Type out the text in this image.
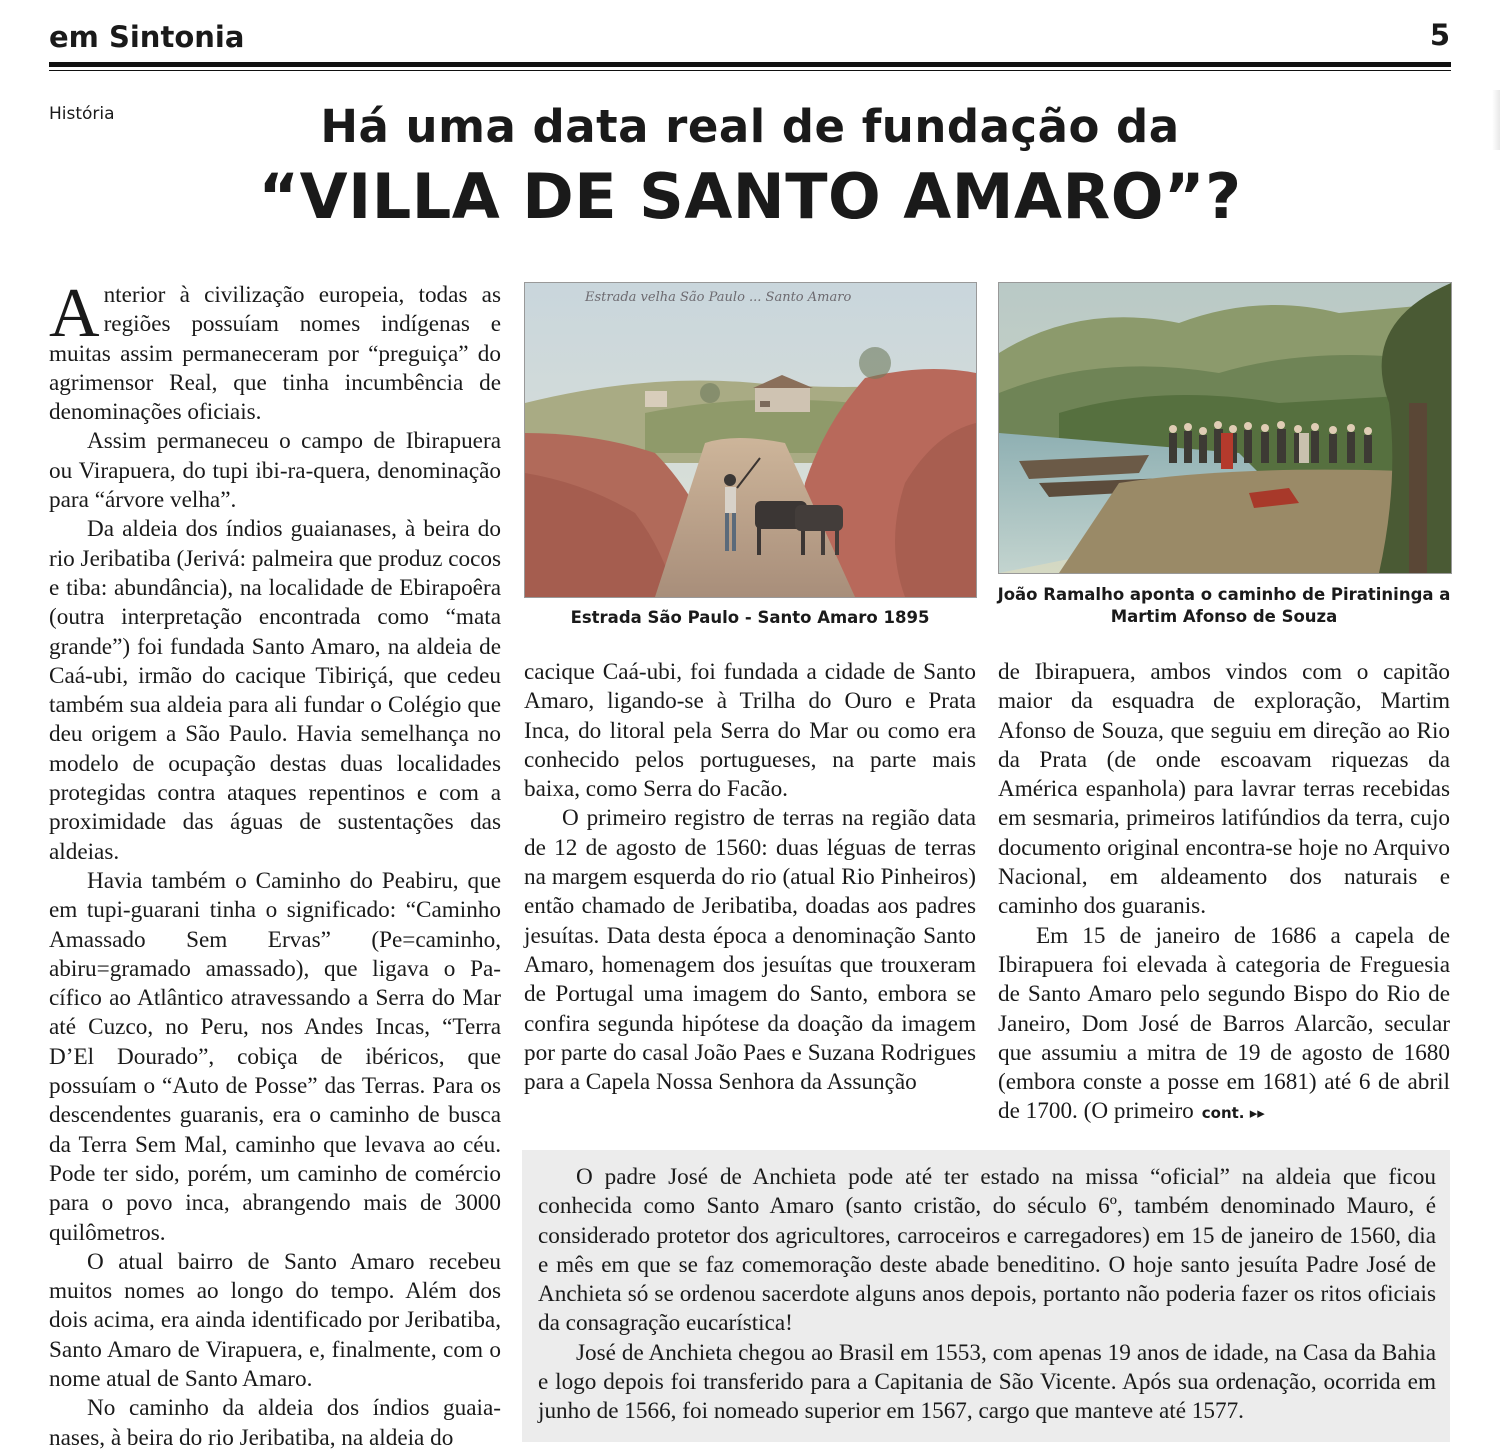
em Sintonia	5
História	Há uma data real de fundação da
“VILLA DE SANTO AMARO”?

Anterior à civilização europeia, todas as regiões possuíam nomes indígenas e muitas assim permaneceram por “preguiça” do agrimensor Real, que tinha incumbência de denominações oficiais.

Assim permaneceu o campo de Ibirapuera ou Virapuera, do tupi ibi-ra-quera, denominação para “árvore velha”.

Da aldeia dos índios guaianases, à beira do rio Jeribatiba (Jerivá: palmeira que produz cocos e tiba: abundância), na localidade de Ebirapoêra (outra interpretação encontrada como “mata grande”) foi fundada Santo Amaro, na aldeia de Caá-ubi, irmão do cacique Tibiriçá, que cedeu também sua aldeia para ali fundar o Colégio que deu origem a São Paulo. Havia semelhança no modelo de ocupação destas duas localidades protegidas contra ataques repentinos e com a proximidade das águas de sustentações das aldeias.

Havia também o Caminho do Peabiru, que em tupi-guarani tinha o significado: “Caminho Amassado Sem Ervas” (Pe=caminho, abiru=gramado amassado), que ligava o Pacífico ao Atlântico atravessando a Serra do Mar até Cuzco, no Peru, nos Andes Incas, “Terra D’El Dourado”, cobiça de ibéricos, que possuíam o “Auto de Posse” das Terras. Para os descendentes guaranis, era o caminho de busca da Terra Sem Mal, caminho que levava ao céu. Pode ter sido, porém, um caminho de comércio para o povo inca, abrangendo mais de 3000 quilômetros.

O atual bairro de Santo Amaro recebeu muitos nomes ao longo do tempo. Além dos dois acima, era ainda identificado por Jeribatiba, Santo Amaro de Virapuera, e, finalmente, com o nome atual de Santo Amaro.

No caminho da aldeia dos índios guaianases, à beira do rio Jeribatiba, na aldeia do

Estrada velha São Paulo ... Santo Amaro
Estrada São Paulo - Santo Amaro 1895
João Ramalho aponta o caminho de Piratininga a Martim Afonso de Souza

cacique Caá-ubi, foi fundada a cidade de Santo Amaro, ligando-se à Trilha do Ouro e Prata Inca, do litoral pela Serra do Mar ou como era conhecido pelos portugueses, na parte mais baixa, como Serra do Facão.

O primeiro registro de terras na região data de 12 de agosto de 1560: duas léguas de terras na margem esquerda do rio (atual Rio Pinheiros) então chamado de Jeribatiba, doadas aos padres jesuítas. Data desta época a denominação Santo Amaro, homenagem dos jesuítas que trouxeram de Portugal uma imagem do Santo, embora se confira segunda hipótese da doação da imagem por parte do casal João Paes e Suzana Rodrigues para a Capela Nossa Senhora da Assunção

de Ibirapuera, ambos vindos com o capitão maior da esquadra de exploração, Martim Afonso de Souza, que seguiu em direção ao Rio da Prata (de onde escoavam riquezas da América espanhola) para lavrar terras recebidas em sesmaria, primeiros latifúndios da terra, cujo documento original encontra-se hoje no Arquivo Nacional, em aldeamento dos naturais e caminho dos guaranis.

Em 15 de janeiro de 1686 a capela de Ibirapuera foi elevada à categoria de Freguesia de Santo Amaro pelo segundo Bispo do Rio de Janeiro, Dom José de Barros Alarcão, secular que assumiu a mitra de 19 de agosto de 1680 (embora conste a posse em 1681) até 6 de abril de 1700. (O primeiro cont. ▸▸

O padre José de Anchieta pode até ter estado na missa “oficial” na aldeia que ficou conhecida como Santo Amaro (santo cristão, do século 6º, também denominado Mauro, é considerado protetor dos agricultores, carroceiros e carregadores) em 15 de janeiro de 1560, dia e mês em que se faz comemoração deste abade beneditino. O hoje santo jesuíta Padre José de Anchieta só se ordenou sacerdote alguns anos depois, portanto não poderia fazer os ritos oficiais da consagração eucarística!

José de Anchieta chegou ao Brasil em 1553, com apenas 19 anos de idade, na Casa da Bahia e logo depois foi transferido para a Capitania de São Vicente. Após sua ordenação, ocorrida em junho de 1566, foi nomeado superior em 1567, cargo que manteve até 1577.
